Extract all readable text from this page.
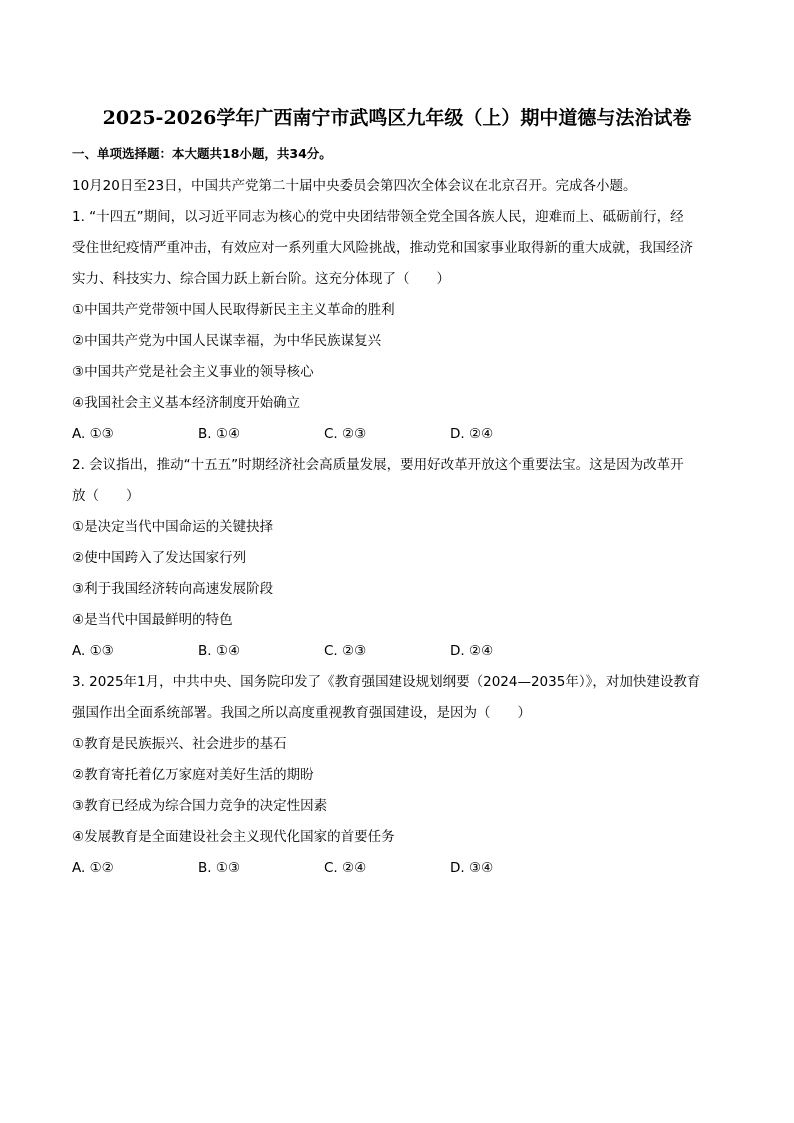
2025-2026学年广西南宁市武鸣区九年级（上）期中道德与法治试卷
一、单项选择题：本大题共18小题，共34分。
10月20日至23日，中国共产党第二十届中央委员会第四次全体会议在北京召开。完成各小题。
1. “十四五”期间，以习近平同志为核心的党中央团结带领全党全国各族人民，迎难而上、砥砺前行，经
受住世纪疫情严重冲击，有效应对一系列重大风险挑战，推动党和国家事业取得新的重大成就，我国经济
实力、科技实力、综合国力跃上新台阶。这充分体现了（　　）
①中国共产党带领中国人民取得新民主主义革命的胜利
②中国共产党为中国人民谋幸福，为中华民族谋复兴
③中国共产党是社会主义事业的领导核心
④我国社会主义基本经济制度开始确立
A. ①③	B. ①④	C. ②③	D. ②④
2. 会议指出，推动“十五五”时期经济社会高质量发展，要用好改革开放这个重要法宝。这是因为改革开
放（　　）
①是决定当代中国命运的关键抉择
②使中国跨入了发达国家行列
③利于我国经济转向高速发展阶段
④是当代中国最鲜明的特色
A. ①③	B. ①④	C. ②③	D. ②④
3. 2025年1月，中共中央、国务院印发了《教育强国建设规划纲要（2024—2035年）》，对加快建设教育
强国作出全面系统部署。我国之所以高度重视教育强国建设，是因为（　　）
①教育是民族振兴、社会进步的基石
②教育寄托着亿万家庭对美好生活的期盼
③教育已经成为综合国力竞争的决定性因素
④发展教育是全面建设社会主义现代化国家的首要任务
A. ①②	B. ①③	C. ②④	D. ③④
